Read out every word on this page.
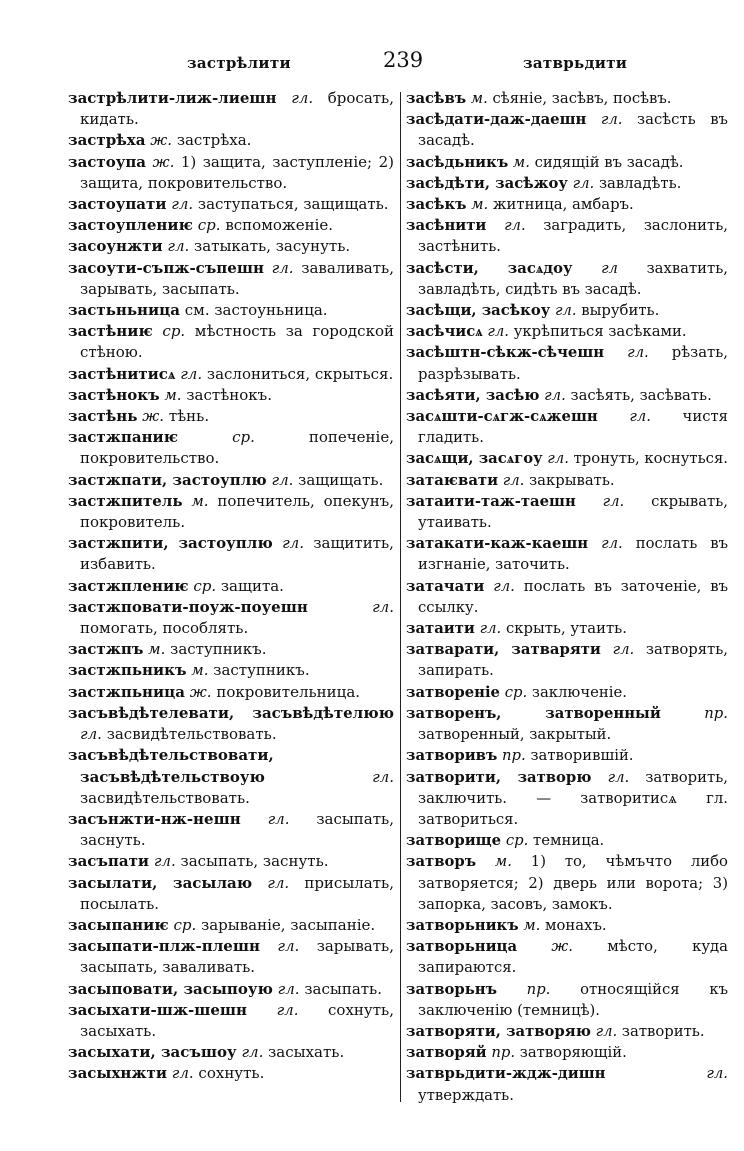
застрѣлити	239	затврьдити

застрѣлити-лиж-лиешн гл. бросать, кидать.

застрѣха ж. застрѣха.

застоупа ж. 1) защита, заступленіе; 2) защита, покровительство.

застоупати гл. заступаться, защищать.

застоуплениѥ ср. вспоможеніе.

засоунжти гл. затыкать, засунуть.

засоути-съпж-съпешн гл. заваливать, зарывать, засыпать.

застьньница см. застоуньница.

застѣниѥ ср. мѣстность за городской стѣною.

застѣнитисѧ гл. заслониться, скрыться.

застѣнокъ м. застѣнокъ.

застѣнь ж. тѣнь.

застжпаниѥ	ср.	попеченіе, покровительство.

застжпати, застоуплю гл. защищать.

застжпитель м. попечитель, опекунъ, покровитель.

застжпити, застоуплю гл. защитить, избавить.

застжплениѥ ср. защита.

застжповати-поуж-поуешн	гл. помогать, пособлять.

застжпъ м. заступникъ.

застжпьникъ м. заступникъ.

застжпьница ж. покровительница.

засъвѣдѣтелевати, засъвѣдѣтелюю гл. засвидѣтельствовать.

засъвѣдѣтельствовати, засъвѣдѣтельствоую	гл. засвидѣтельствовать.

засънжти-нж-нешн гл. засыпать, заснуть.

засъпати гл. засыпать, заснуть.

засылати, засылаю гл. присылать, посылать.

засыпаниѥ ср. зарываніе, засыпаніе.

засыпати-плж-плешн гл. зарывать, засыпать, заваливать.

засыповати, засыпоую гл. засыпать.

засыхати-шж-шешн гл. сохнуть, засыхать.

засыхати, засъшоу гл. засыхать.

засыхнжти гл. сохнуть.

засѣвъ м. сѣяніе, засѣвъ, посѣвъ.

засѣдати-даж-даешн гл. засѣсть въ засадѣ.

засѣдьникъ м. сидящій въ засадѣ.

засѣдѣти, засѣжоу гл. завладѣть.

засѣкъ м. житница, амбаръ.

засѣнити гл. заградить, заслонить, застѣнить.

засѣсти, засѧдоу гл захватить, завладѣть, сидѣть въ засадѣ.

засѣщи, засѣкоу гл. вырубить.

засѣчисѧ гл. укрѣпиться засѣками.

засѣштн-сѣкж-сѣчешн гл. рѣзать, разрѣзывать.

засѣяти, засѣю гл. засѣять, засѣвать.

засѧшти-сѧгж-сѧжешн гл. чистя гладить.

засѧщи, засѧгоу гл. тронуть, коснуться.

затаѥвати гл. закрывать.

затаити-таж-таешн гл. скрывать, утаивать.

затакати-каж-каешн гл. послать въ изгнаніе, заточить.

затачати гл. послать въ заточеніе, въ ссылку.

затаити гл. скрыть, утаить.

затварати, затваряти гл. затворять, запирать.

затвореніе ср. заключеніе.

затворенъ, затворенный	пр. затворенный, закрытый.

затворивъ пр. затворившій.

затворити, затворю гл. затворить, заключить. — затворитисѧ гл. затвориться.

затворище ср. темница.

затворъ м. 1) то, чѣмъчто либо затворяется; 2) дверь или ворота; 3) запорка, засовъ, замокъ.

затворьникъ м. монахъ.

затворьница ж. мѣсто, куда запираются.

затворьнъ пр. относящійся къ заключенію (темницѣ).

затворяти, затворяю гл. затворить.

затворяй пр. затворяющій.

затврьдити-ждж-дишн	гл. утверждать.
